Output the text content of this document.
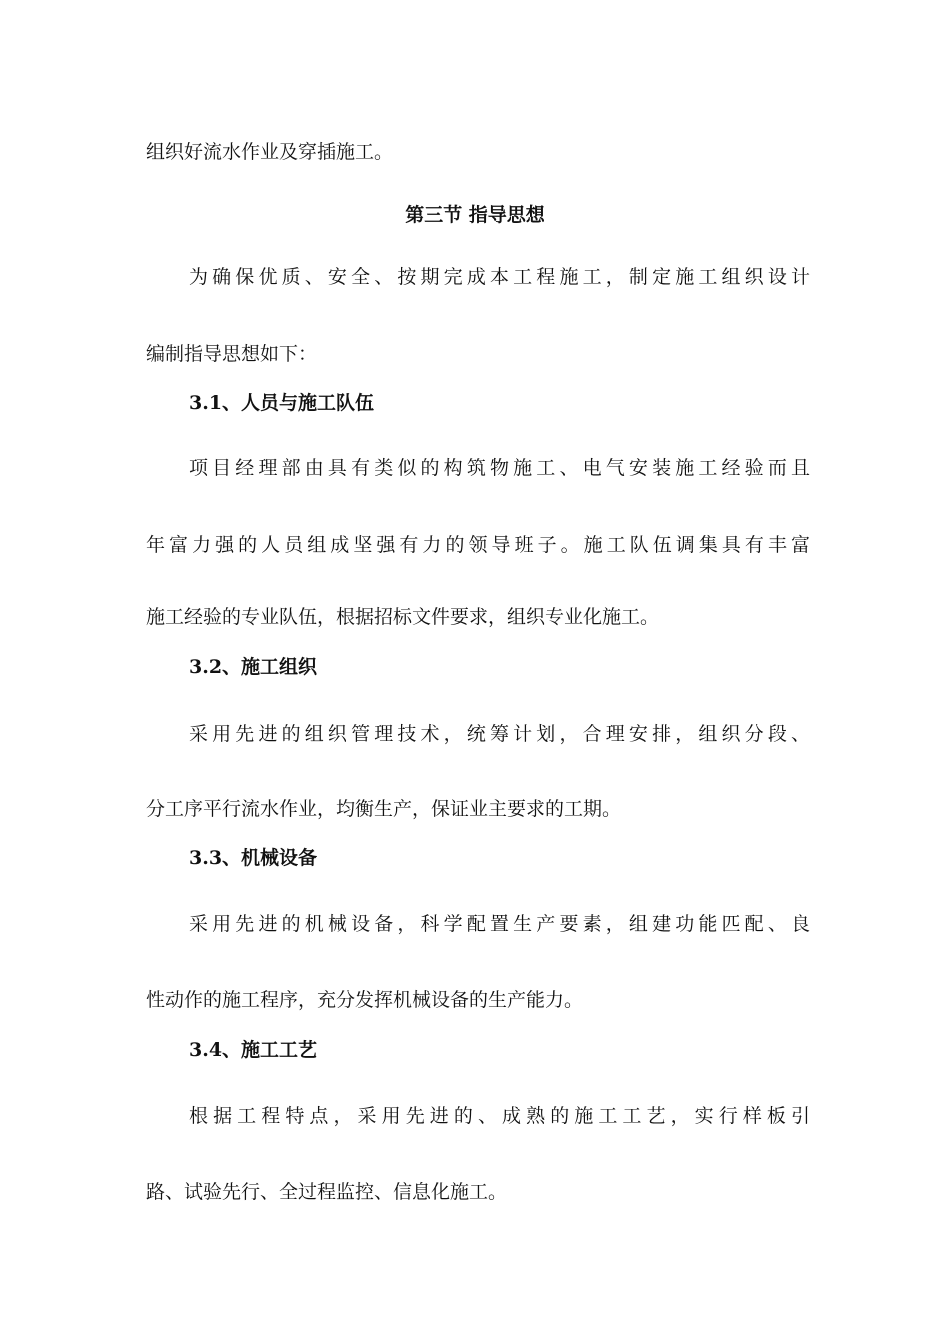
组织好流水作业及穿插施工。
第三节 指导思想
为确保优质、安全、按期完成本工程施工，制定施工组织设计
编制指导思想如下：
3.1、人员与施工队伍
项目经理部由具有类似的构筑物施工、电气安装施工经验而且
年富力强的人员组成坚强有力的领导班子。施工队伍调集具有丰富
施工经验的专业队伍，根据招标文件要求，组织专业化施工。
3.2、施工组织
采用先进的组织管理技术，统筹计划，合理安排，组织分段、
分工序平行流水作业，均衡生产，保证业主要求的工期。
3.3、机械设备
采用先进的机械设备，科学配置生产要素，组建功能匹配、良
性动作的施工程序，充分发挥机械设备的生产能力。
3.4、施工工艺
根据工程特点，采用先进的、成熟的施工工艺，实行样板引
路、试验先行、全过程监控、信息化施工。
